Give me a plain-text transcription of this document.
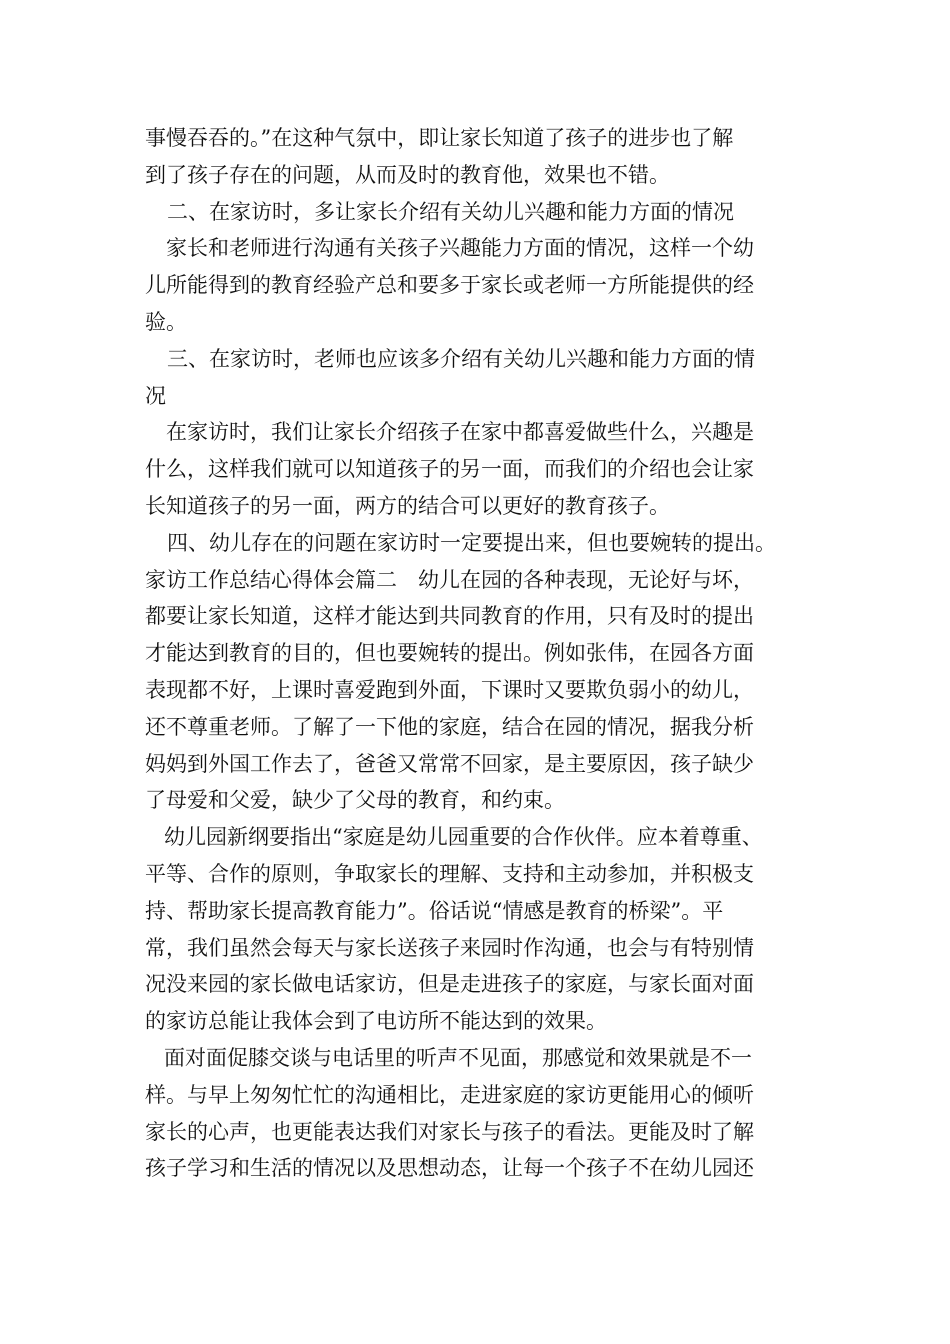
事慢吞吞的。”在这种气氛中，即让家长知道了孩子的进步也了解
到了孩子存在的问题，从而及时的教育他，效果也不错。
二、在家访时，多让家长介绍有关幼儿兴趣和能力方面的情况
家长和老师进行沟通有关孩子兴趣能力方面的情况，这样一个幼
儿所能得到的教育经验产总和要多于家长或老师一方所能提供的经
验。
三、在家访时，老师也应该多介绍有关幼儿兴趣和能力方面的情
况
在家访时，我们让家长介绍孩子在家中都喜爱做些什么，兴趣是
什么，这样我们就可以知道孩子的另一面，而我们的介绍也会让家
长知道孩子的另一面，两方的结合可以更好的教育孩子。
四、幼儿存在的问题在家访时一定要提出来，但也要婉转的提出。
家访工作总结心得体会篇二　幼儿在园的各种表现，无论好与坏，
都要让家长知道，这样才能达到共同教育的作用，只有及时的提出
才能达到教育的目的，但也要婉转的提出。例如张伟，在园各方面
表现都不好，上课时喜爱跑到外面，下课时又要欺负弱小的幼儿，
还不尊重老师。了解了一下他的家庭，结合在园的情况，据我分析
妈妈到外国工作去了，爸爸又常常不回家，是主要原因，孩子缺少
了母爱和父爱，缺少了父母的教育，和约束。
幼儿园新纲要指出“家庭是幼儿园重要的合作伙伴。应本着尊重、
平等、合作的原则，争取家长的理解、支持和主动参加，并积极支
持、帮助家长提高教育能力”。俗话说“情感是教育的桥梁”。平
常，我们虽然会每天与家长送孩子来园时作沟通，也会与有特别情
况没来园的家长做电话家访，但是走进孩子的家庭，与家长面对面
的家访总能让我体会到了电访所不能达到的效果。
面对面促膝交谈与电话里的听声不见面，那感觉和效果就是不一
样。与早上匆匆忙忙的沟通相比，走进家庭的家访更能用心的倾听
家长的心声，也更能表达我们对家长与孩子的看法。更能及时了解
孩子学习和生活的情况以及思想动态，让每一个孩子不在幼儿园还
